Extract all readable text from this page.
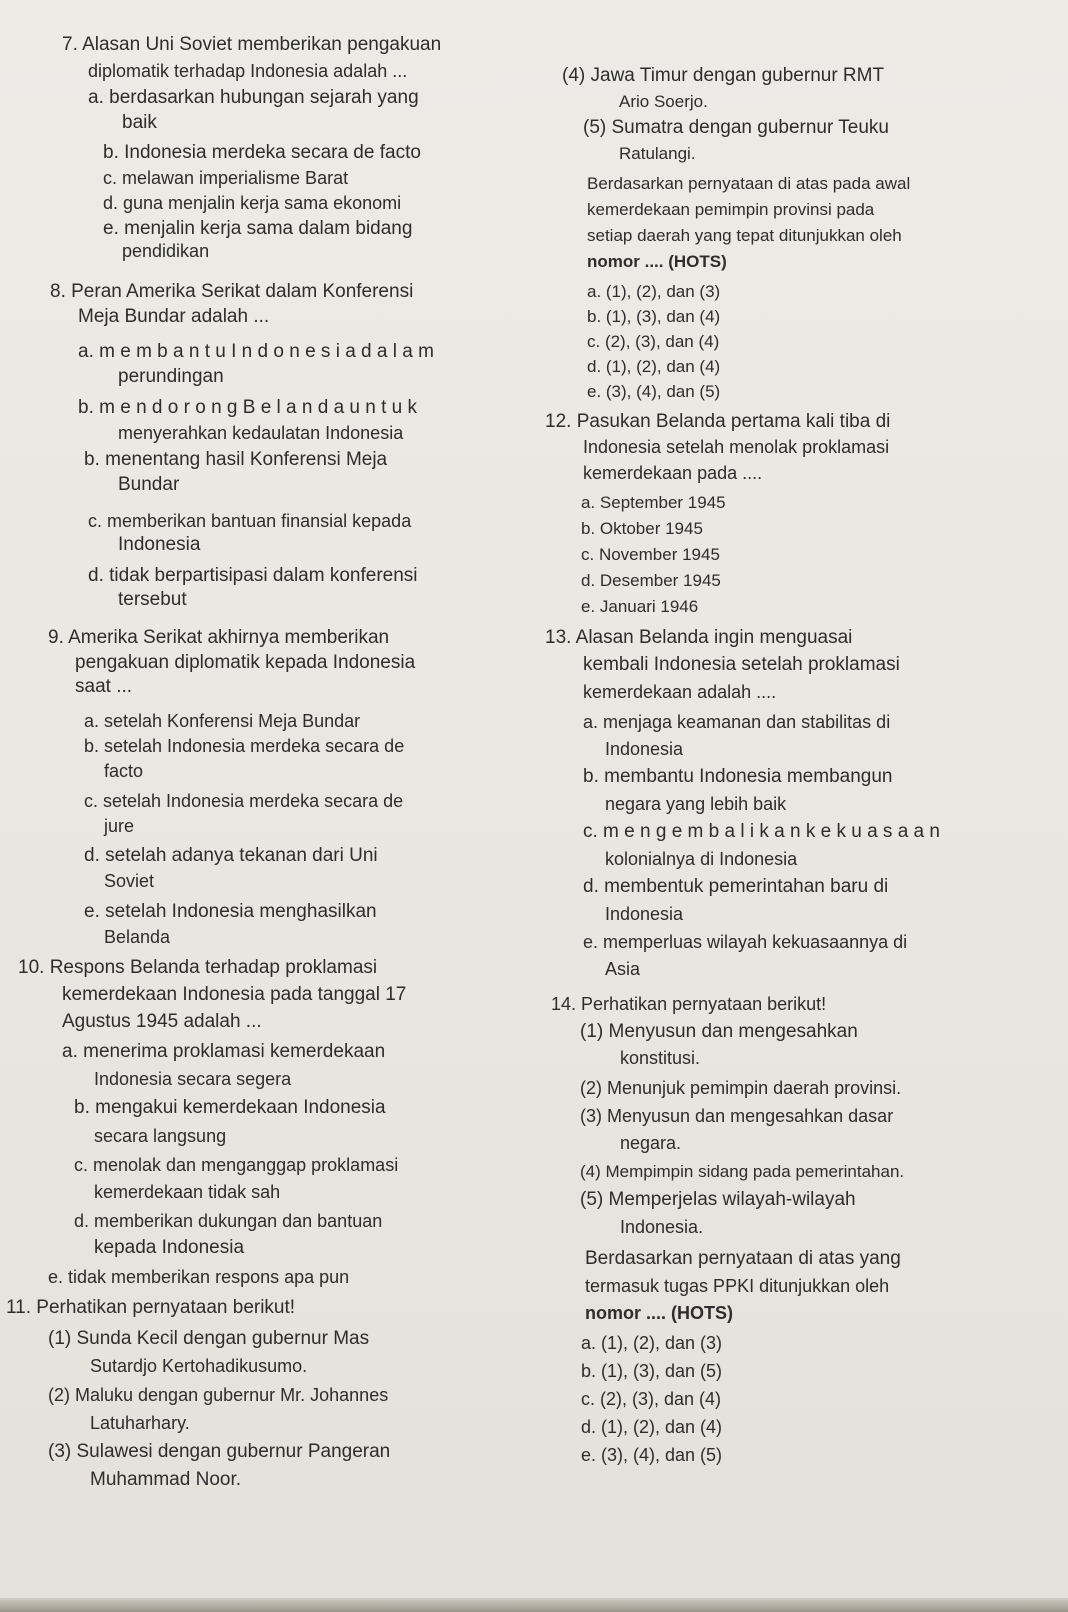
7. Alasan Uni Soviet memberikan pengakuan
diplomatik terhadap Indonesia adalah ...
a. berdasarkan hubungan sejarah yang
baik
b. Indonesia merdeka secara de facto
c. melawan imperialisme Barat
d. guna menjalin kerja sama ekonomi
e. menjalin kerja sama dalam bidang
pendidikan
8. Peran Amerika Serikat dalam Konferensi
Meja Bundar adalah ...
a. m e m b a n t u I n d o n e s i a d a l a m
perundingan
b. m e n d o r o n g B e l a n d a u n t u k
menyerahkan kedaulatan Indonesia
b. menentang hasil Konferensi Meja
Bundar
c. memberikan bantuan finansial kepada
Indonesia
d. tidak berpartisipasi dalam konferensi
tersebut
9. Amerika Serikat akhirnya memberikan
pengakuan diplomatik kepada Indonesia
saat ...
a. setelah Konferensi Meja Bundar
b. setelah Indonesia merdeka secara de
facto
c. setelah Indonesia merdeka secara de
jure
d. setelah adanya tekanan dari Uni
Soviet
e. setelah Indonesia menghasilkan
Belanda
10. Respons Belanda terhadap proklamasi
kemerdekaan Indonesia pada tanggal 17
Agustus 1945 adalah ...
a. menerima proklamasi kemerdekaan
Indonesia secara segera
b. mengakui kemerdekaan Indonesia
secara langsung
c. menolak dan menganggap proklamasi
kemerdekaan tidak sah
d. memberikan dukungan dan bantuan
kepada Indonesia
e. tidak memberikan respons apa pun
11. Perhatikan pernyataan berikut!
(1) Sunda Kecil dengan gubernur Mas
Sutardjo Kertohadikusumo.
(2) Maluku dengan gubernur Mr. Johannes
Latuharhary.
(3) Sulawesi dengan gubernur Pangeran
Muhammad Noor.
(4) Jawa Timur dengan gubernur RMT
Ario Soerjo.
(5) Sumatra dengan gubernur Teuku
Ratulangi.
Berdasarkan pernyataan di atas pada awal
kemerdekaan pemimpin provinsi pada
setiap daerah yang tepat ditunjukkan oleh
nomor .... (HOTS)
a. (1), (2), dan (3)
b. (1), (3), dan (4)
c. (2), (3), dan (4)
d. (1), (2), dan (4)
e. (3), (4), dan (5)
12. Pasukan Belanda pertama kali tiba di
Indonesia setelah menolak proklamasi
kemerdekaan pada ....
a. September 1945
b. Oktober 1945
c. November 1945
d. Desember 1945
e. Januari 1946
13. Alasan Belanda ingin menguasai
kembali Indonesia setelah proklamasi
kemerdekaan adalah ....
a. menjaga keamanan dan stabilitas di
Indonesia
b. membantu Indonesia membangun
negara yang lebih baik
c. m e n g e m b a l i k a n k e k u a s a a n
kolonialnya di Indonesia
d. membentuk pemerintahan baru di
Indonesia
e. memperluas wilayah kekuasaannya di
Asia
14. Perhatikan pernyataan berikut!
(1) Menyusun dan mengesahkan
konstitusi.
(2) Menunjuk pemimpin daerah provinsi.
(3) Menyusun dan mengesahkan dasar
negara.
(4) Mempimpin sidang pada pemerintahan.
(5) Memperjelas wilayah-wilayah
Indonesia.
Berdasarkan pernyataan di atas yang
termasuk tugas PPKI ditunjukkan oleh
nomor .... (HOTS)
a. (1), (2), dan (3)
b. (1), (3), dan (5)
c. (2), (3), dan (4)
d. (1), (2), dan (4)
e. (3), (4), dan (5)
